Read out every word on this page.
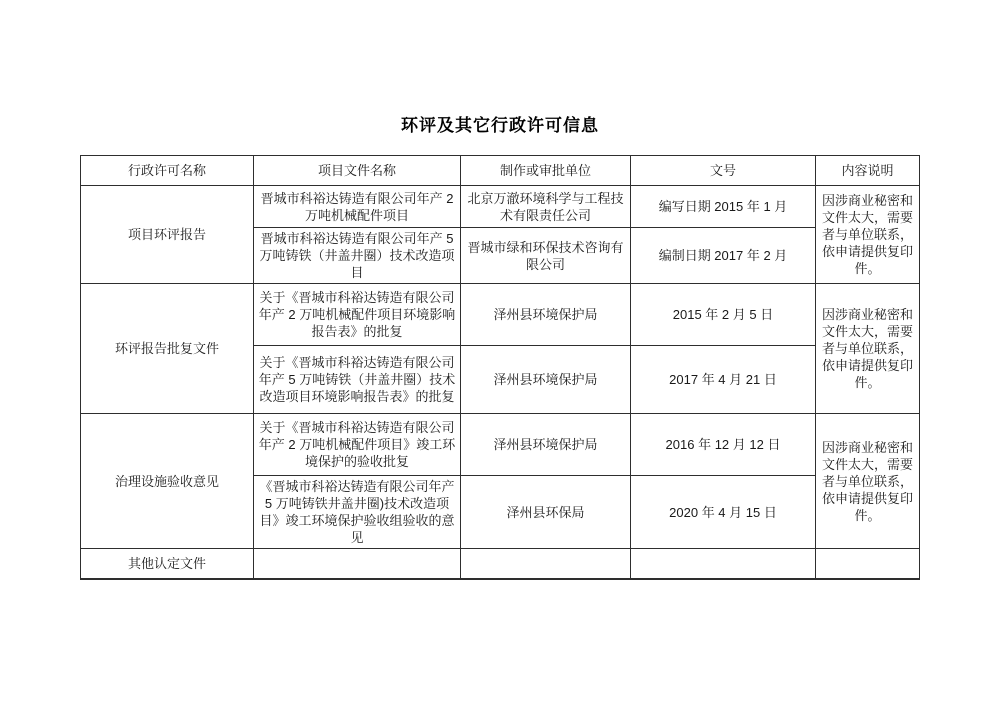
环评及其它行政许可信息
行政许可名称	项目文件名称	制作或审批单位	文号	内容说明
项目环评报告	晋城市科裕达铸造有限公司年产 2 万吨机械配件项目	北京万澈环境科学与工程技术有限责任公司	编写日期 2015 年 1 月	因涉商业秘密和文件太大，需要者与单位联系，依申请提供复印件。
	晋城市科裕达铸造有限公司年产 5 万吨铸铁（井盖井圈）技术改造项目	晋城市绿和环保技术咨询有限公司	编制日期 2017 年 2 月	
环评报告批复文件	关于《晋城市科裕达铸造有限公司年产 2 万吨机械配件项目环境影响报告表》的批复	泽州县环境保护局	2015 年 2 月 5 日	因涉商业秘密和文件太大，需要者与单位联系，依申请提供复印件。
	关于《晋城市科裕达铸造有限公司年产 5 万吨铸铁（井盖井圈）技术改造项目环境影响报告表》的批复	泽州县环境保护局	2017 年 4 月 21 日	
治理设施验收意见	关于《晋城市科裕达铸造有限公司年产 2 万吨机械配件项目》竣工环境保护的验收批复	泽州县环境保护局	2016 年 12 月 12 日	因涉商业秘密和文件太大，需要者与单位联系，依申请提供复印件。
	《晋城市科裕达铸造有限公司年产 5 万吨铸铁井盖井圈)技术改造项目》竣工环境保护验收组验收的意见	泽州县环保局	2020 年 4 月 15 日	
其他认定文件				
